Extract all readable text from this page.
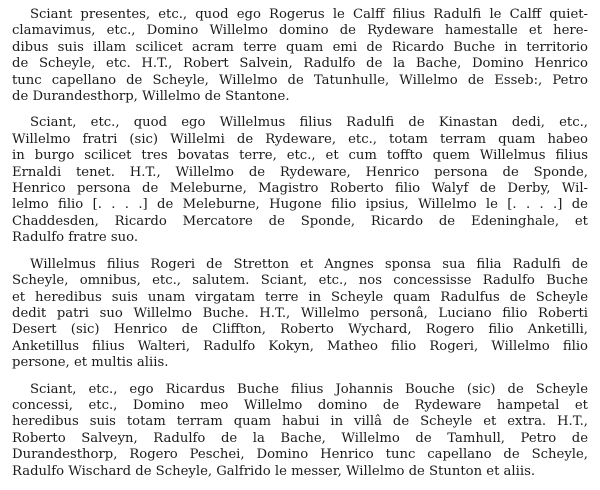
Sciant presentes, etc., quod ego Rogerus le Calff filius Radulfi le Calff quiet-
clamavimus, etc., Domino Willelmo domino de Rydeware hamestalle et here-
dibus suis illam scilicet acram terre quam emi de Ricardo Buche in territorio
de Scheyle, etc. H.T., Robert Salvein, Radulfo de la Bache, Domino Henrico
tunc capellano de Scheyle, Willelmo de Tatunhulle, Willelmo de Esseb:, Petro
de Durandesthorp, Willelmo de Stantone.
Sciant, etc., quod ego Willelmus filius Radulfi de Kinastan dedi, etc.,
Willelmo fratri (sic) Willelmi de Rydeware, etc., totam terram quam habeo
in burgo scilicet tres bovatas terre, etc., et cum toffto quem Willelmus filius
Ernaldi tenet. H.T., Willelmo de Rydeware, Henrico persona de Sponde,
Henrico persona de Meleburne, Magistro Roberto filio Walyf de Derby, Wil-
lelmo filio [. . . .] de Meleburne, Hugone filio ipsius, Willelmo le [. . . .] de
Chaddesden, Ricardo Mercatore de Sponde, Ricardo de Edeninghale, et
Radulfo fratre suo.
Willelmus filius Rogeri de Stretton et Angnes sponsa sua filia Radulfi de
Scheyle, omnibus, etc., salutem. Sciant, etc., nos concessisse Radulfo Buche
et heredibus suis unam virgatam terre in Scheyle quam Radulfus de Scheyle
dedit patri suo Willelmo Buche. H.T., Willelmo personâ, Luciano filio Roberti
Desert (sic) Henrico de Cliffton, Roberto Wychard, Rogero filio Anketilli,
Anketillus filius Walteri, Radulfo Kokyn, Matheo filio Rogeri, Willelmo filio
persone, et multis aliis.
Sciant, etc., ego Ricardus Buche filius Johannis Bouche (sic) de Scheyle
concessi, etc., Domino meo Willelmo domino de Rydeware hampetal et
heredibus suis totam terram quam habui in villâ de Scheyle et extra. H.T.,
Roberto Salveyn, Radulfo de la Bache, Willelmo de Tamhull, Petro de
Durandesthorp, Rogero Peschei, Domino Henrico tunc capellano de Scheyle,
Radulfo Wischard de Scheyle, Galfrido le messer, Willelmo de Stunton et aliis.
